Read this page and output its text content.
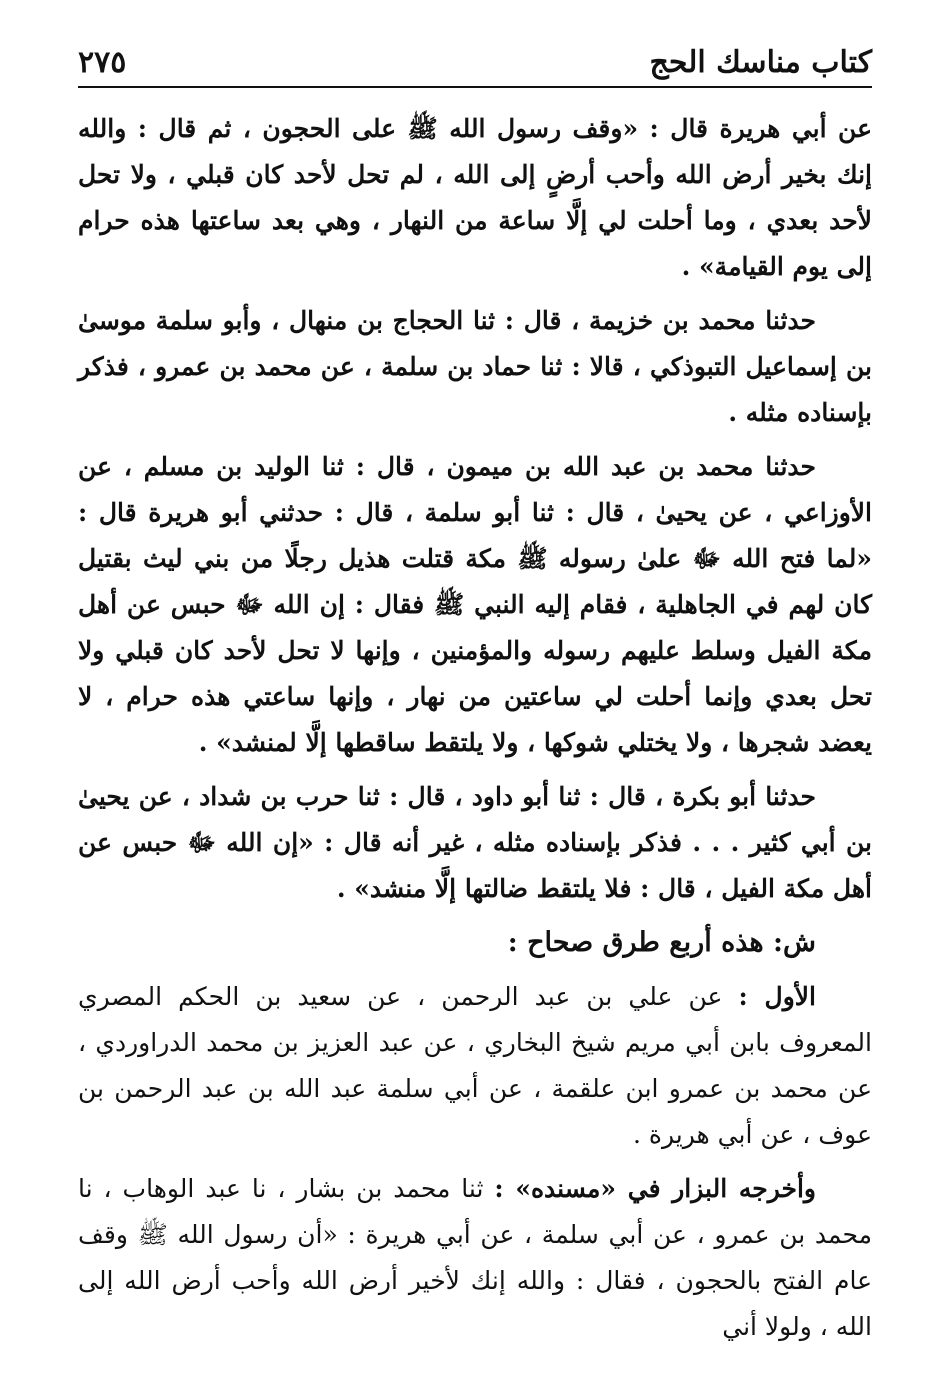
كتاب مناسك الحج
٢٧٥

عن أبي هريرة قال : «وقف رسول الله ﷺ على الحجون ، ثم قال : والله إنك بخير أرض الله وأحب أرضٍ إلى الله ، لم تحل لأحد كان قبلي ، ولا تحل لأحد بعدي ، وما أحلت لي إلَّا ساعة من النهار ، وهي بعد ساعتها هذه حرام إلى يوم القيامة» .

حدثنا محمد بن خزيمة ، قال : ثنا الحجاج بن منهال ، وأبو سلمة موسىٰ بن إسماعيل التبوذكي ، قالا : ثنا حماد بن سلمة ، عن محمد بن عمرو ، فذكر بإسناده مثله .

حدثنا محمد بن عبد الله بن ميمون ، قال : ثنا الوليد بن مسلم ، عن الأوزاعي ، عن يحيىٰ ، قال : ثنا أبو سلمة ، قال : حدثني أبو هريرة قال : «لما فتح الله ﷻ علىٰ رسوله ﷺ مكة قتلت هذيل رجلًا من بني ليث بقتيل كان لهم في الجاهلية ، فقام إليه النبي ﷺ فقال : إن الله ﷻ حبس عن أهل مكة الفيل وسلط عليهم رسوله والمؤمنين ، وإنها لا تحل لأحد كان قبلي ولا تحل بعدي وإنما أحلت لي ساعتين من نهار ، وإنها ساعتي هذه حرام ، لا يعضد شجرها ، ولا يختلي شوكها ، ولا يلتقط ساقطها إلَّا لمنشد» .

حدثنا أبو بكرة ، قال : ثنا أبو داود ، قال : ثنا حرب بن شداد ، عن يحيىٰ بن أبي كثير . . . فذكر بإسناده مثله ، غير أنه قال : «إن الله ﷻ حبس عن أهل مكة الفيل ، قال : فلا يلتقط ضالتها إلَّا منشد» .

ش: هذه أربع طرق صحاح :

الأول : عن علي بن عبد الرحمن ، عن سعيد بن الحكم المصري المعروف بابن أبي مريم شيخ البخاري ، عن عبد العزيز بن محمد الدراوردي ، عن محمد بن عمرو ابن علقمة ، عن أبي سلمة عبد الله بن عبد الرحمن بن عوف ، عن أبي هريرة .

وأخرجه البزار في «مسنده» : ثنا محمد بن بشار ، نا عبد الوهاب ، نا محمد بن عمرو ، عن أبي سلمة ، عن أبي هريرة : «أن رسول الله ﷺ وقف عام الفتح بالحجون ، فقال : والله إنك لأخير أرض الله وأحب أرض الله إلى الله ، ولولا أني
